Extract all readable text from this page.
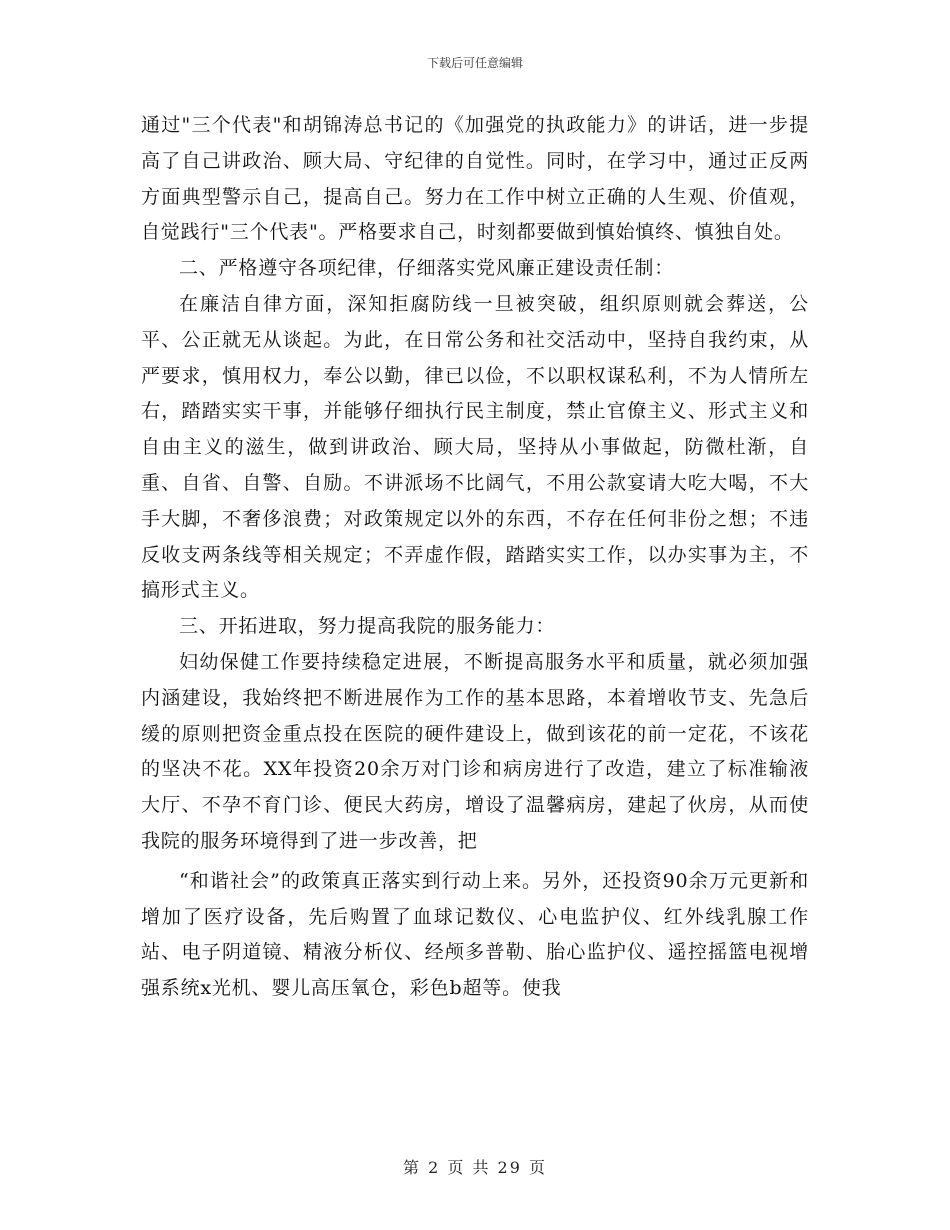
下载后可任意编辑

通过"三个代表"和胡锦涛总书记的《加强党的执政能力》的讲话，进一步提高了自己讲政治、顾大局、守纪律的自觉性。同时，在学习中，通过正反两方面典型警示自己，提高自己。努力在工作中树立正确的人生观、价值观，自觉践行"三个代表"。严格要求自己，时刻都要做到慎始慎终、慎独自处。

二、严格遵守各项纪律，仔细落实党风廉正建设责任制：

在廉洁自律方面，深知拒腐防线一旦被突破，组织原则就会葬送，公平、公正就无从谈起。为此，在日常公务和社交活动中，坚持自我约束，从严要求，慎用权力，奉公以勤，律已以俭，不以职权谋私利，不为人情所左右，踏踏实实干事，并能够仔细执行民主制度，禁止官僚主义、形式主义和自由主义的滋生，做到讲政治、顾大局，坚持从小事做起，防微杜渐，自重、自省、自警、自励。不讲派场不比阔气，不用公款宴请大吃大喝，不大手大脚，不奢侈浪费；对政策规定以外的东西，不存在任何非份之想；不违反收支两条线等相关规定；不弄虚作假，踏踏实实工作，以办实事为主，不搞形式主义。

三、开拓进取，努力提高我院的服务能力：

妇幼保健工作要持续稳定进展，不断提高服务水平和质量，就必须加强内涵建设，我始终把不断进展作为工作的基本思路，本着增收节支、先急后缓的原则把资金重点投在医院的硬件建设上，做到该花的前一定花，不该花的坚决不花。XX年投资20余万对门诊和病房进行了改造，建立了标准输液大厅、不孕不育门诊、便民大药房，增设了温馨病房，建起了伙房，从而使我院的服务环境得到了进一步改善，把

“和谐社会”的政策真正落实到行动上来。另外，还投资90余万元更新和增加了医疗设备，先后购置了血球记数仪、心电监护仪、红外线乳腺工作站、电子阴道镜、精液分析仪、经颅多普勒、胎心监护仪、遥控摇篮电视增强系统x光机、婴儿高压氧仓，彩色b超等。使我

第 2 页 共 29 页
